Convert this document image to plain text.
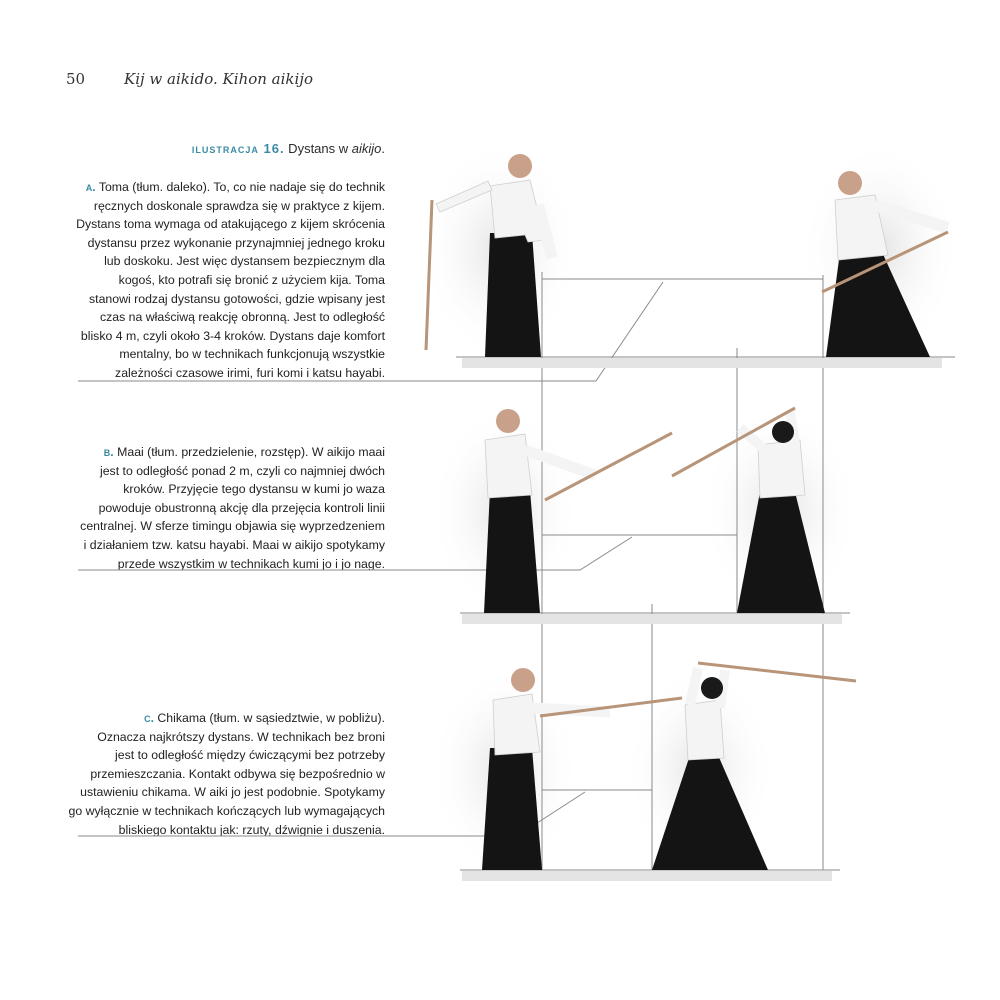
50	Kij w aikido. Kihon aikijo
ilustracja 16. Dystans w aikijo.

a. Toma (tłum. daleko). To, co nie nadaje się do technik

ręcznych doskonale sprawdza się w praktyce z kijem.

Dystans toma wymaga od atakującego z kijem skrócenia

dystansu przez wykonanie przynajmniej jednego kroku

lub doskoku. Jest więc dystansem bezpiecznym dla

kogoś, kto potrafi się bronić z użyciem kija. Toma

stanowi rodzaj dystansu gotowości, gdzie wpisany jest

czas na właściwą reakcję obronną. Jest to odległość

blisko 4 m, czyli około 3-4 kroków. Dystans daje komfort

mentalny, bo w technikach funkcjonują wszystkie

zależności czasowe irimi, furi komi i katsu hayabi.

b. Maai (tłum. przedzielenie, rozstęp). W aikijo maai

jest to odległość ponad 2 m, czyli co najmniej dwóch

kroków. Przyjęcie tego dystansu w kumi jo waza

powoduje obustronną akcję dla przejęcia kontroli linii

centralnej. W sferze timingu objawia się wyprzedzeniem

i działaniem tzw. katsu hayabi. Maai w aikijo spotykamy

przede wszystkim w technikach kumi jo i jo nage.

c. Chikama (tłum. w sąsiedztwie, w pobliżu).

Oznacza najkrótszy dystans. W technikach bez broni

jest to odległość między ćwiczącymi bez potrzeby

przemieszczania. Kontakt odbywa się bezpośrednio w

ustawieniu chikama. W aiki jo jest podobnie. Spotykamy

go wyłącznie w technikach kończących lub wymagających

bliskiego kontaktu jak: rzuty, dźwignie i duszenia.
